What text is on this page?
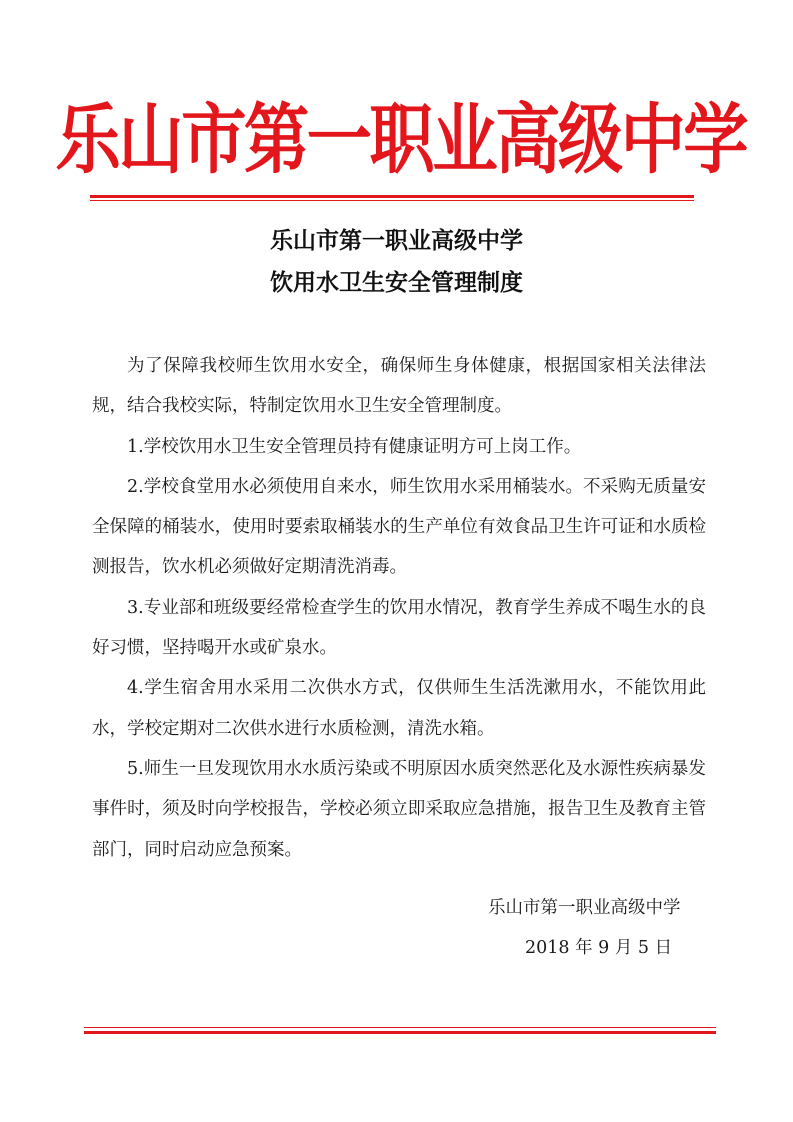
乐山市第一职业高级中学
乐山市第一职业高级中学
饮用水卫生安全管理制度

为了保障我校师生饮用水安全，确保师生身体健康，根据国家相关法律法规，结合我校实际，特制定饮用水卫生安全管理制度。

1.学校饮用水卫生安全管理员持有健康证明方可上岗工作。

2.学校食堂用水必须使用自来水，师生饮用水采用桶装水。不采购无质量安全保障的桶装水，使用时要索取桶装水的生产单位有效食品卫生许可证和水质检测报告，饮水机必须做好定期清洗消毒。

3.专业部和班级要经常检查学生的饮用水情况，教育学生养成不喝生水的良好习惯，坚持喝开水或矿泉水。

4.学生宿舍用水采用二次供水方式，仅供师生生活洗漱用水，不能饮用此水，学校定期对二次供水进行水质检测，清洗水箱。

5.师生一旦发现饮用水水质污染或不明原因水质突然恶化及水源性疾病暴发事件时，须及时向学校报告，学校必须立即采取应急措施，报告卫生及教育主管部门，同时启动应急预案。

乐山市第一职业高级中学
2018 年 9 月 5 日
